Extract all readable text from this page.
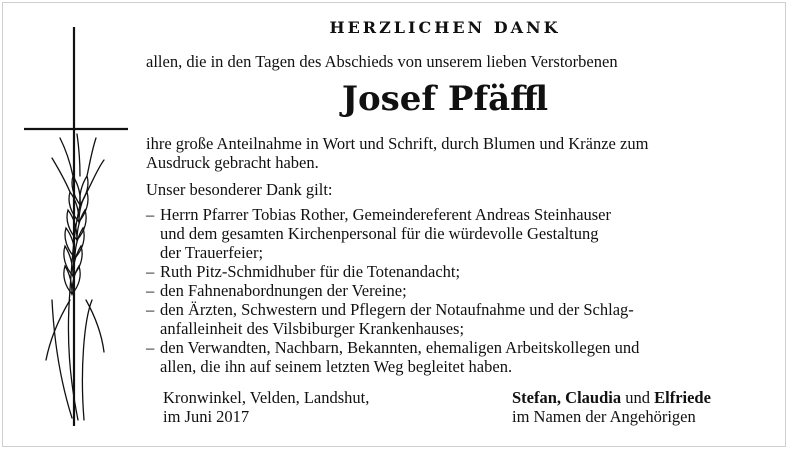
HERZLICHEN DANK

allen, die in den Tagen des Abschieds von unserem lieben Verstorbenen

Josef Pfäffl

ihre große Anteilnahme in Wort und Schrift, durch Blumen und Kränze zum

Ausdruck gebracht haben.

Unser besonderer Dank gilt:

– Herrn Pfarrer Tobias Rother, Gemeindereferent Andreas Steinhauser
und dem gesamten Kirchenpersonal für die würdevolle Gestaltung
der Trauerfeier;
– Ruth Pitz-Schmidhuber für die Totenandacht;
– den Fahnenabordnungen der Vereine;
– den Ärzten, Schwestern und Pflegern der Notaufnahme und der Schlag-
anfalleinheit des Vilsbiburger Krankenhauses;
– den Verwandten, Nachbarn, Bekannten, ehemaligen Arbeitskollegen und
allen, die ihn auf seinem letzten Weg begleitet haben.
Kronwinkel, Velden, Landshut,
im Juni 2017
Stefan, Claudia und Elfriede
im Namen der Angehörigen
